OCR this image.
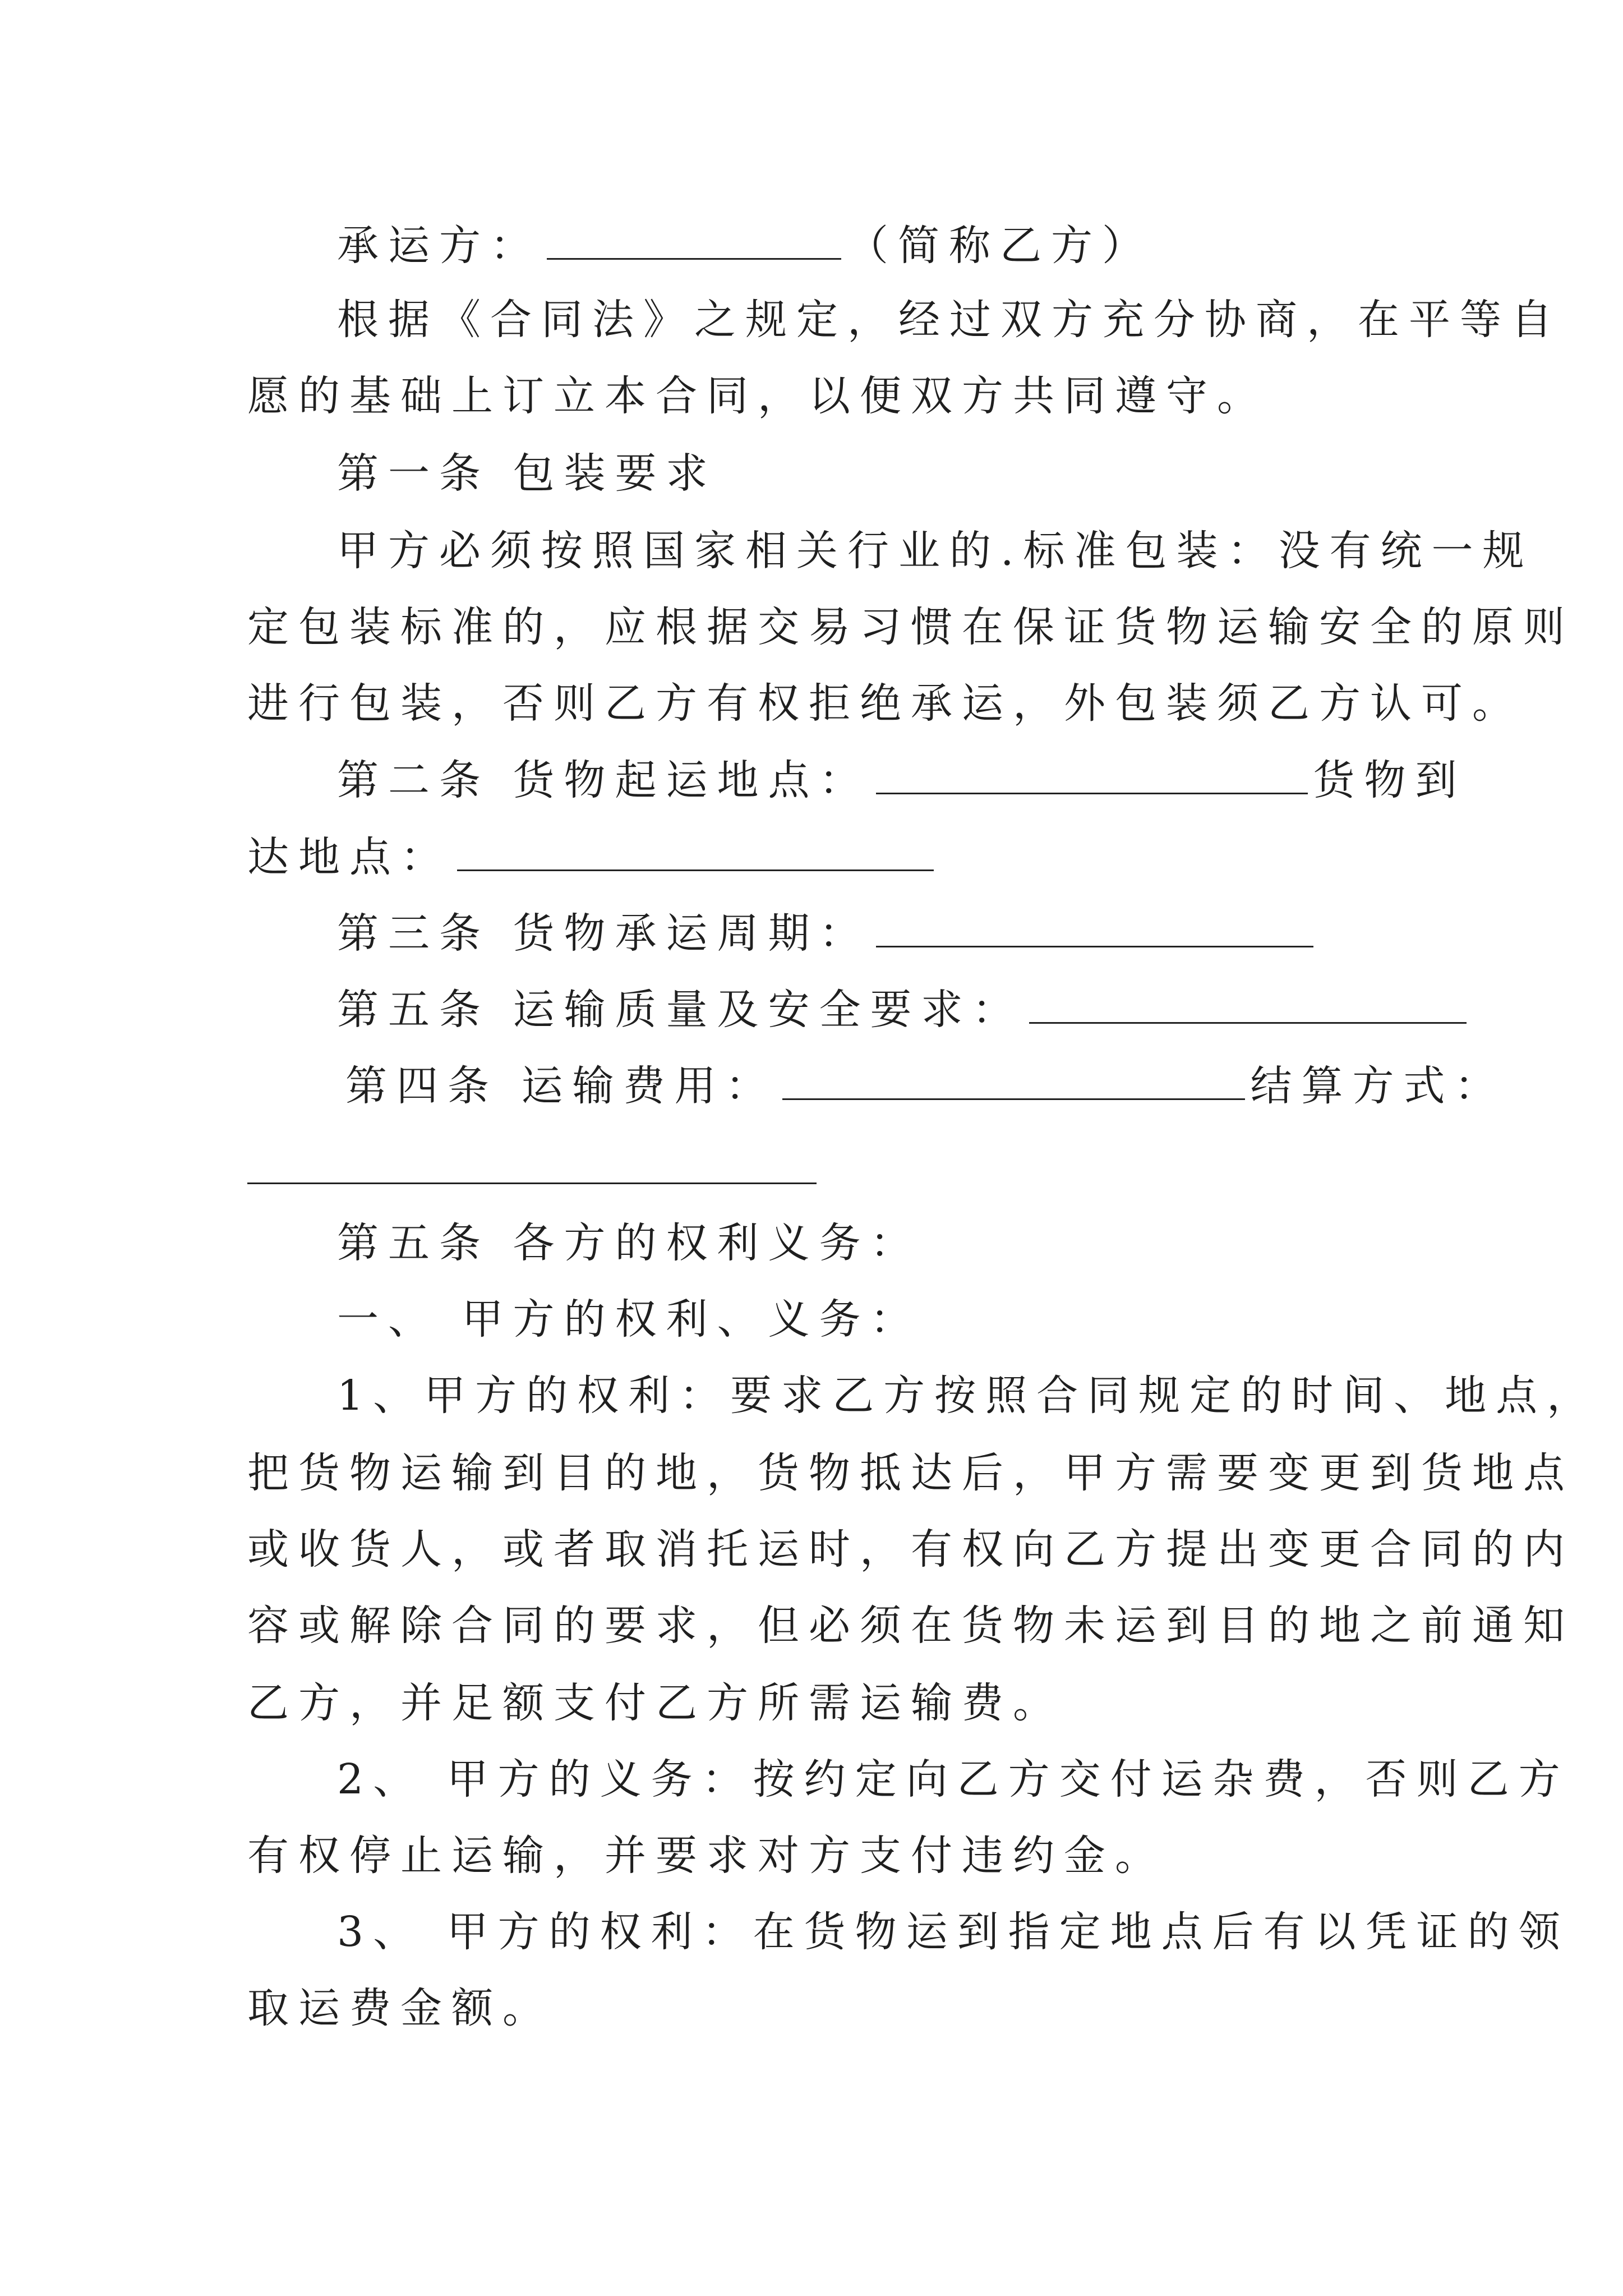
承运方：	（简称乙方）
根据《合同法》之规定，经过双方充分协商，在平等自
愿的基础上订立本合同，以便双方共同遵守。
第一条 包装要求
甲方必须按照国家相关行业的.标准包装：没有统一规
定包装标准的，应根据交易习惯在保证货物运输安全的原则
进行包装，否则乙方有权拒绝承运，外包装须乙方认可。
第二条 货物起运地点：	货物到
达地点：
第三条 货物承运周期：
第五条 运输质量及安全要求：
第四条 运输费用：	结算方式：
第五条 各方的权利义务：
一、 甲方的权利、义务：
1、甲方的权利：要求乙方按照合同规定的时间、地点，
把货物运输到目的地，货物抵达后，甲方需要变更到货地点
或收货人，或者取消托运时，有权向乙方提出变更合同的内
容或解除合同的要求，但必须在货物未运到目的地之前通知
乙方，并足额支付乙方所需运输费。
2、 甲方的义务：按约定向乙方交付运杂费，否则乙方
有权停止运输，并要求对方支付违约金。
3、 甲方的权利：在货物运到指定地点后有以凭证的领
取运费金额。
